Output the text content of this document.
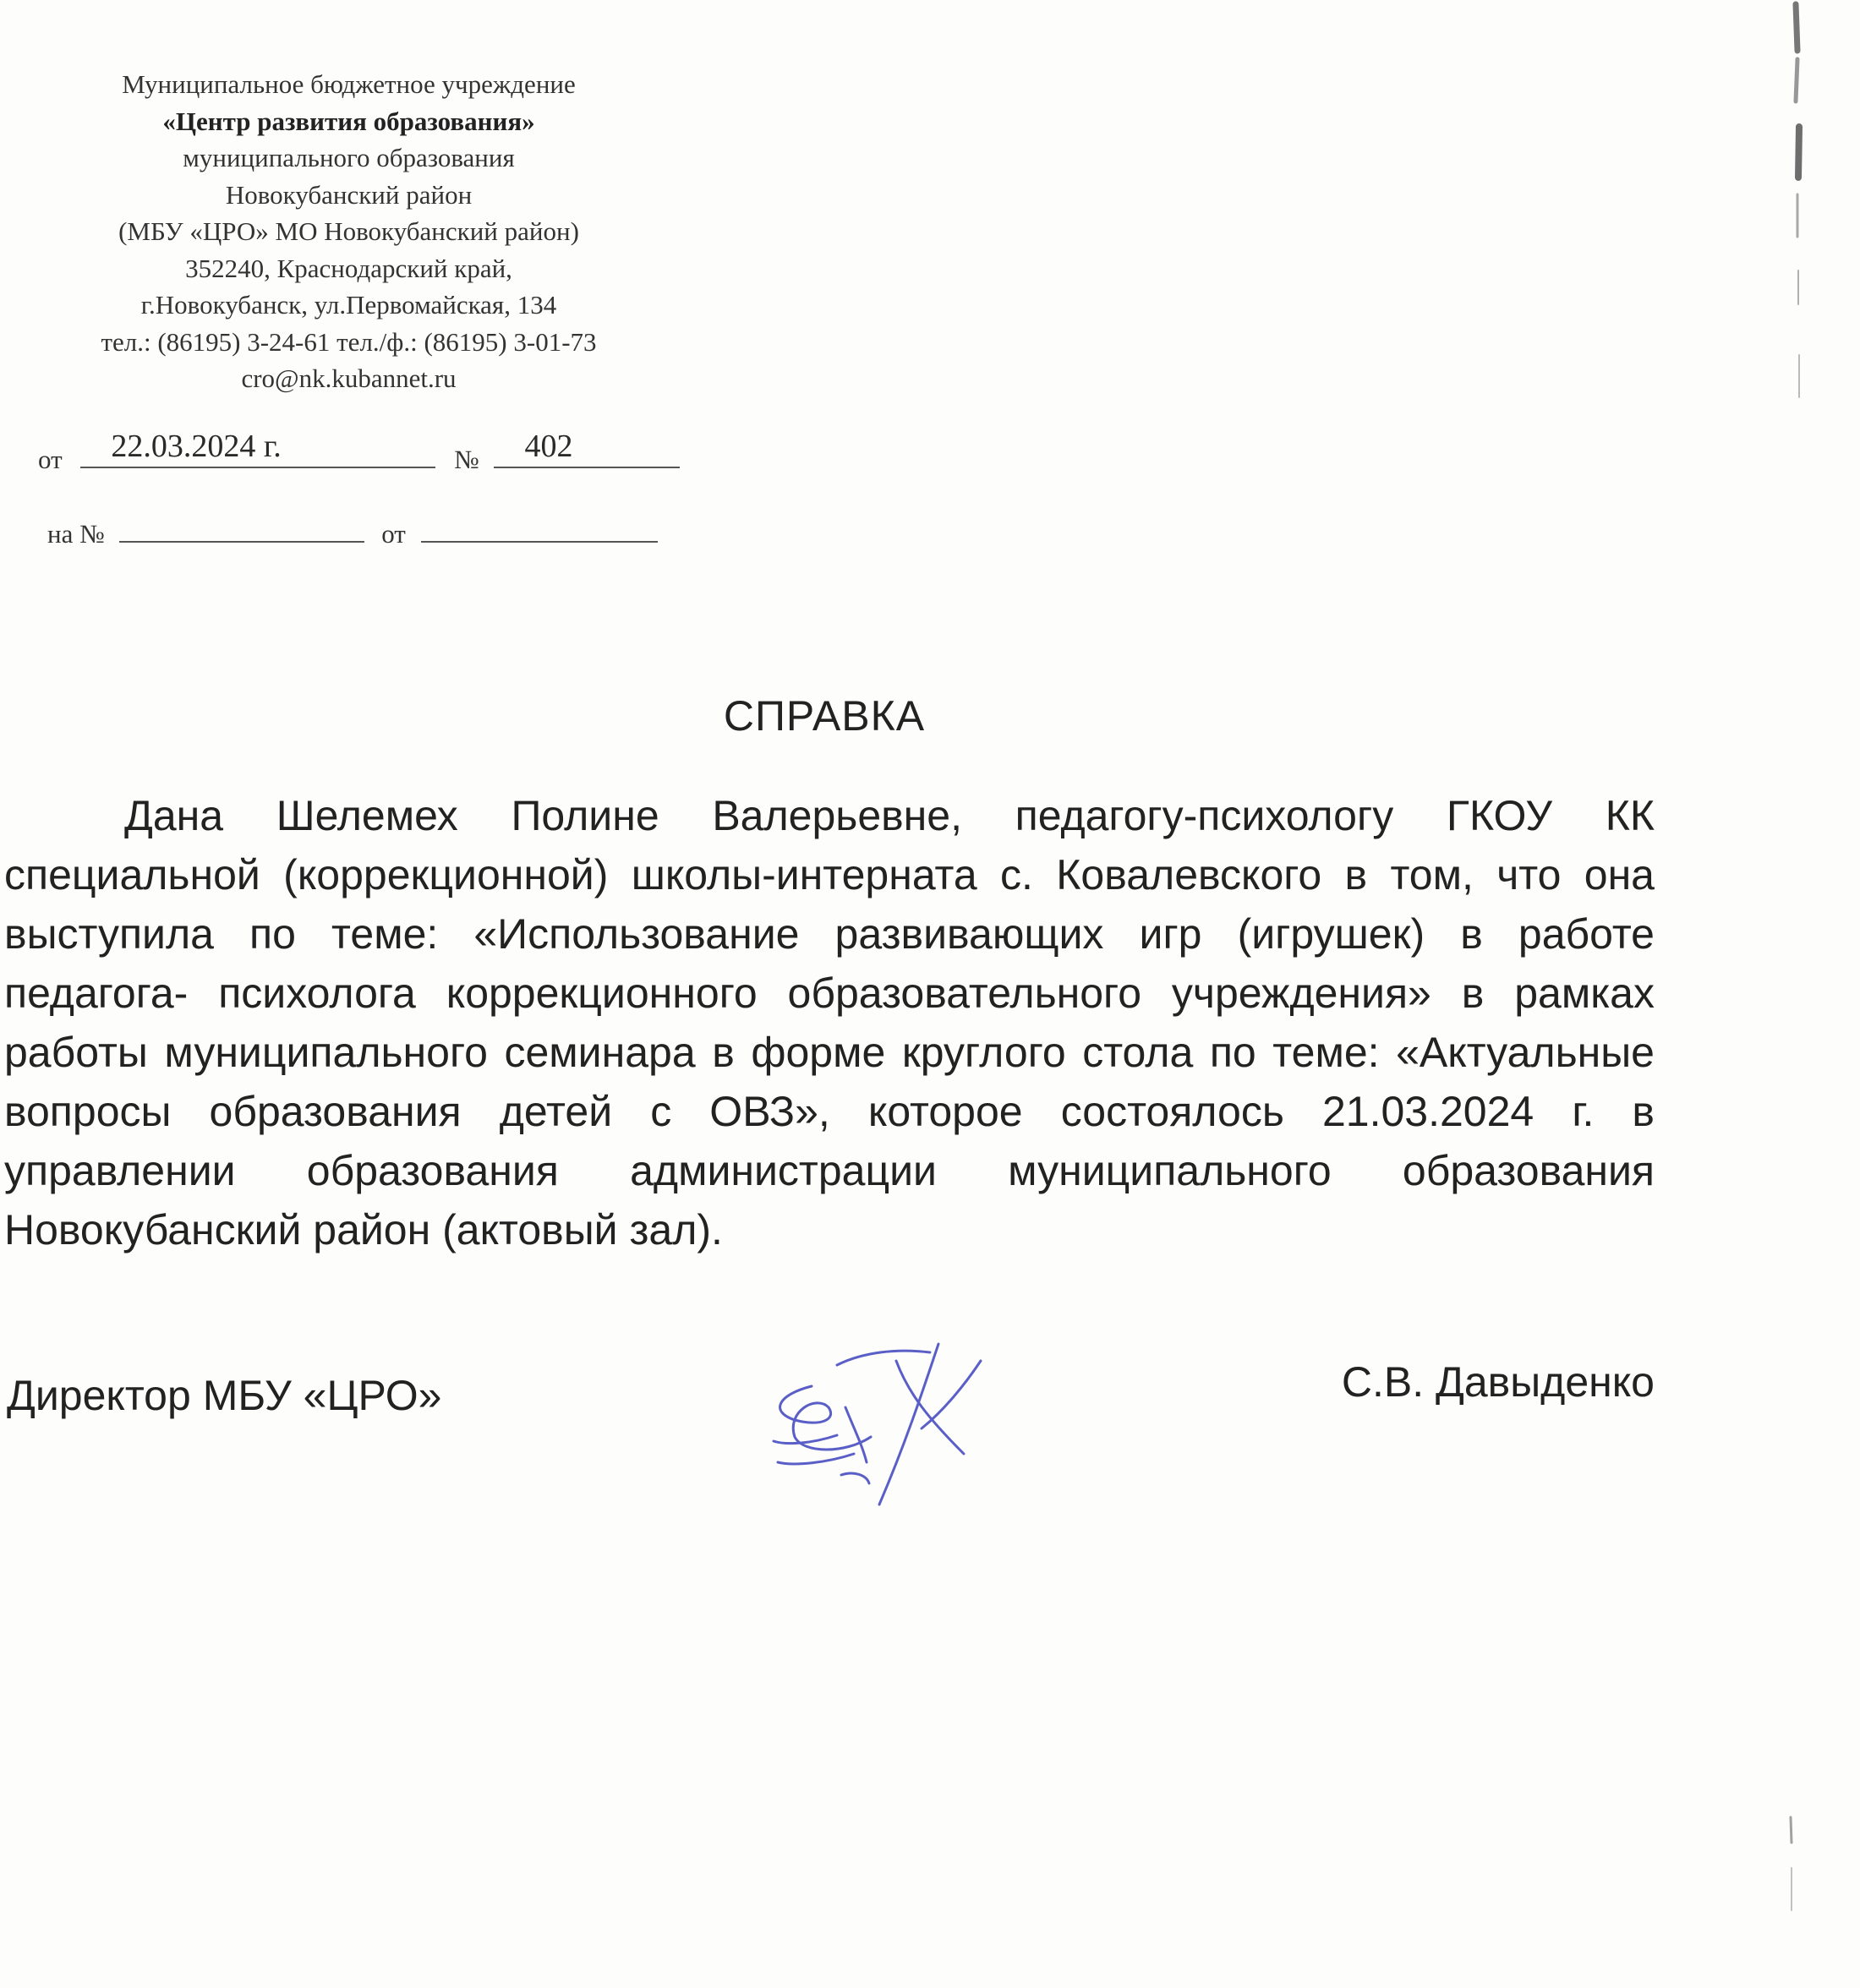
Муниципальное бюджетное учреждение
«Центр развития образования»
муниципального образования
Новокубанский район
(МБУ «ЦРО» МО Новокубанский район)
352240, Краснодарский край,
г.Новокубанск, ул.Первомайская, 134
тел.: (86195) 3-24-61 тел./ф.: (86195) 3-01-73
cro@nk.kubannet.ru
от 22.03.2024 г.	№ 402
на №	от
СПРАВКА

Дана Шелемех Полине Валерьевне, педагогу-психологу ГКОУ КК специальной (коррекционной) школы-интерната с. Ковалевского в том, что она выступила по теме: «Использование развивающих игр (игрушек) в работе педагога- психолога коррекционного образовательного учреждения» в рамках работы муниципального семинара в форме круглого стола по теме: «Актуальные вопросы образования детей с ОВЗ», которое состоялось 21.03.2024 г. в управлении образования администрации муниципального образования Новокубанский район (актовый зал).

Директор МБУ «ЦРО»	С.В. Давыденко
